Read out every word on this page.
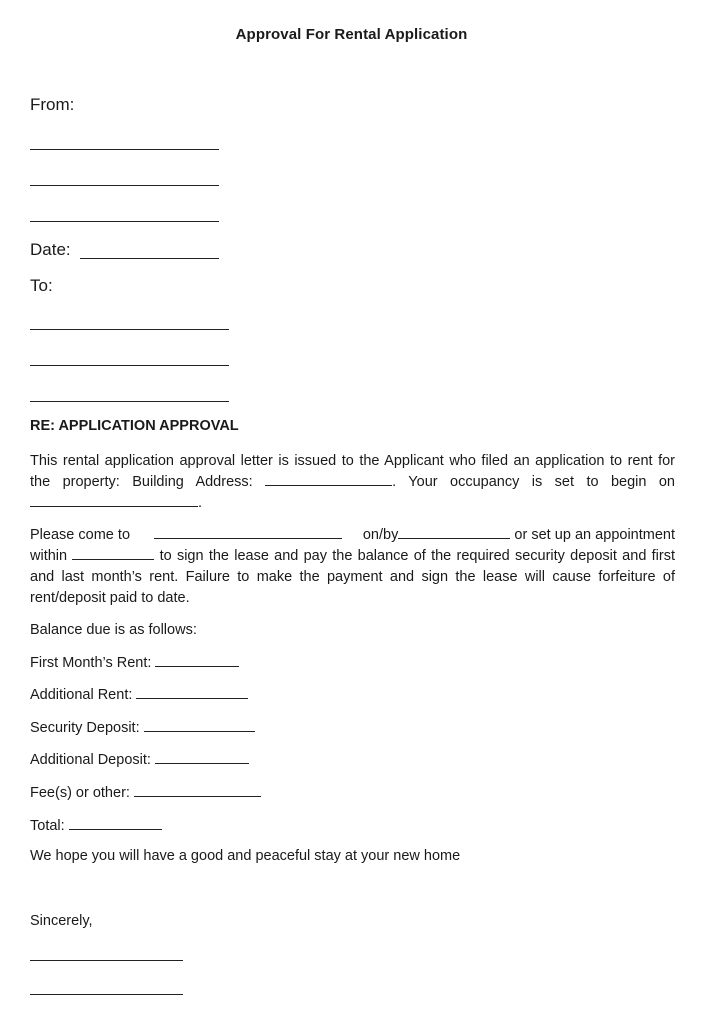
Approval For Rental Application
From:
Date:
To:
RE: APPLICATION APPROVAL
This rental application approval letter is issued to the Applicant who filed an application to rent for the property: Building Address:	. Your occupancy is set to begin on.
Please come to	on/by	or set up an appointment within	to sign the lease and pay the balance of the required security deposit and first and last month’s rent. Failure to make the payment and sign the lease will cause forfeiture of rent/deposit paid to date.
Balance due is as follows:
First Month’s Rent:
Additional Rent:
Security Deposit:
Additional Deposit:
Fee(s) or other:
Total:
We hope you will have a good and peaceful stay at your new home
Sincerely,
